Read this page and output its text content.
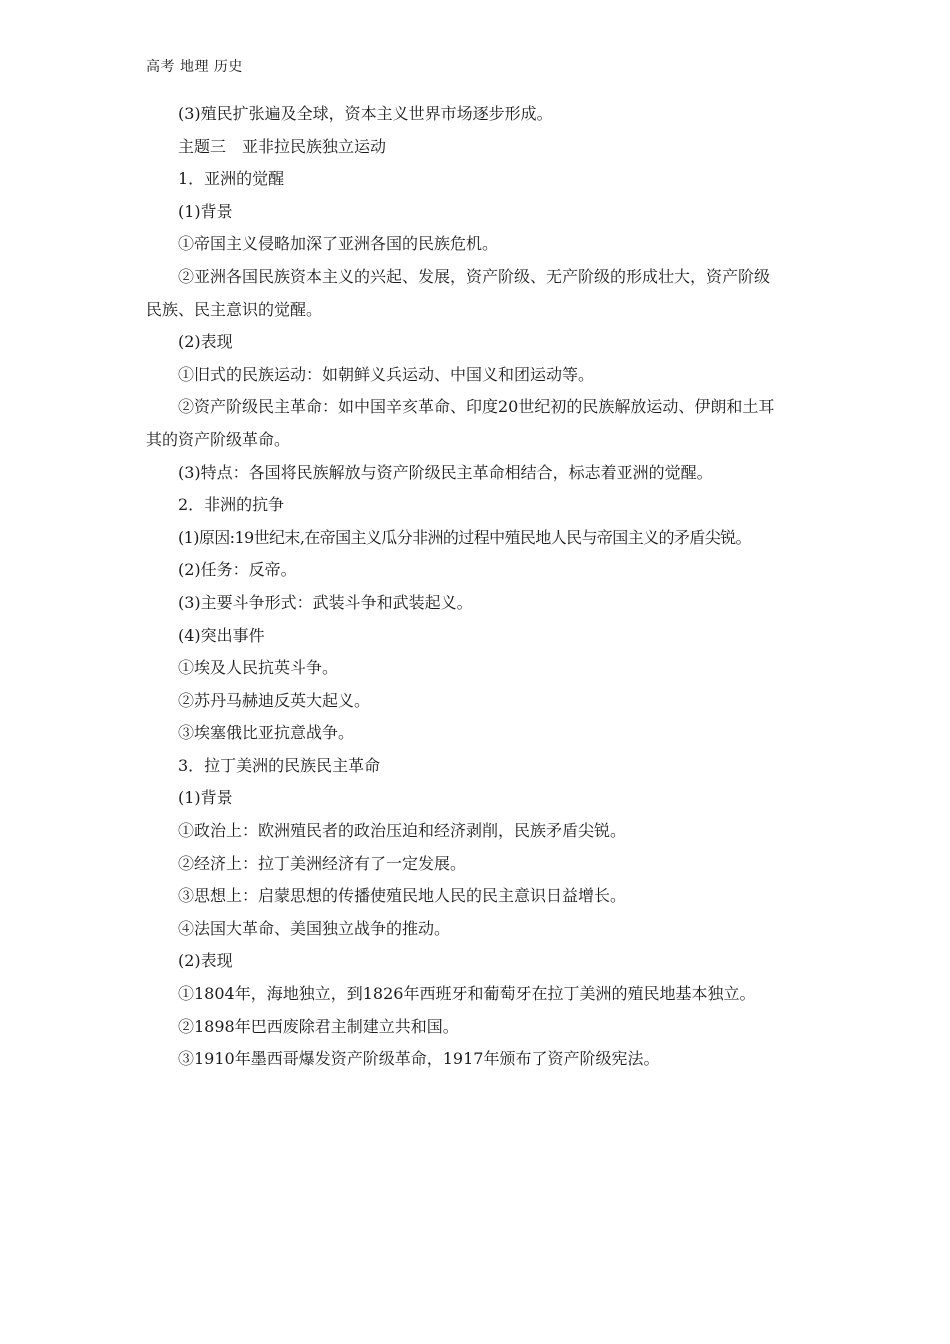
高考 地理 历史
(3)殖民扩张遍及全球，资本主义世界市场逐步形成。
主题三　亚非拉民族独立运动
1．亚洲的觉醒
(1)背景
①帝国主义侵略加深了亚洲各国的民族危机。
②亚洲各国民族资本主义的兴起、发展，资产阶级、无产阶级的形成壮大，资产阶级
民族、民主意识的觉醒。
(2)表现
①旧式的民族运动：如朝鲜义兵运动、中国义和团运动等。
②资产阶级民主革命：如中国辛亥革命、印度20世纪初的民族解放运动、伊朗和土耳
其的资产阶级革命。
(3)特点：各国将民族解放与资产阶级民主革命相结合，标志着亚洲的觉醒。
2．非洲的抗争
(1)原因:19世纪末,在帝国主义瓜分非洲的过程中殖民地人民与帝国主义的矛盾尖锐。
(2)任务：反帝。
(3)主要斗争形式：武装斗争和武装起义。
(4)突出事件
①埃及人民抗英斗争。
②苏丹马赫迪反英大起义。
③埃塞俄比亚抗意战争。
3．拉丁美洲的民族民主革命
(1)背景
①政治上：欧洲殖民者的政治压迫和经济剥削，民族矛盾尖锐。
②经济上：拉丁美洲经济有了一定发展。
③思想上：启蒙思想的传播使殖民地人民的民主意识日益增长。
④法国大革命、美国独立战争的推动。
(2)表现
①1804年，海地独立，到1826年西班牙和葡萄牙在拉丁美洲的殖民地基本独立。
②1898年巴西废除君主制建立共和国。
③1910年墨西哥爆发资产阶级革命，1917年颁布了资产阶级宪法。
